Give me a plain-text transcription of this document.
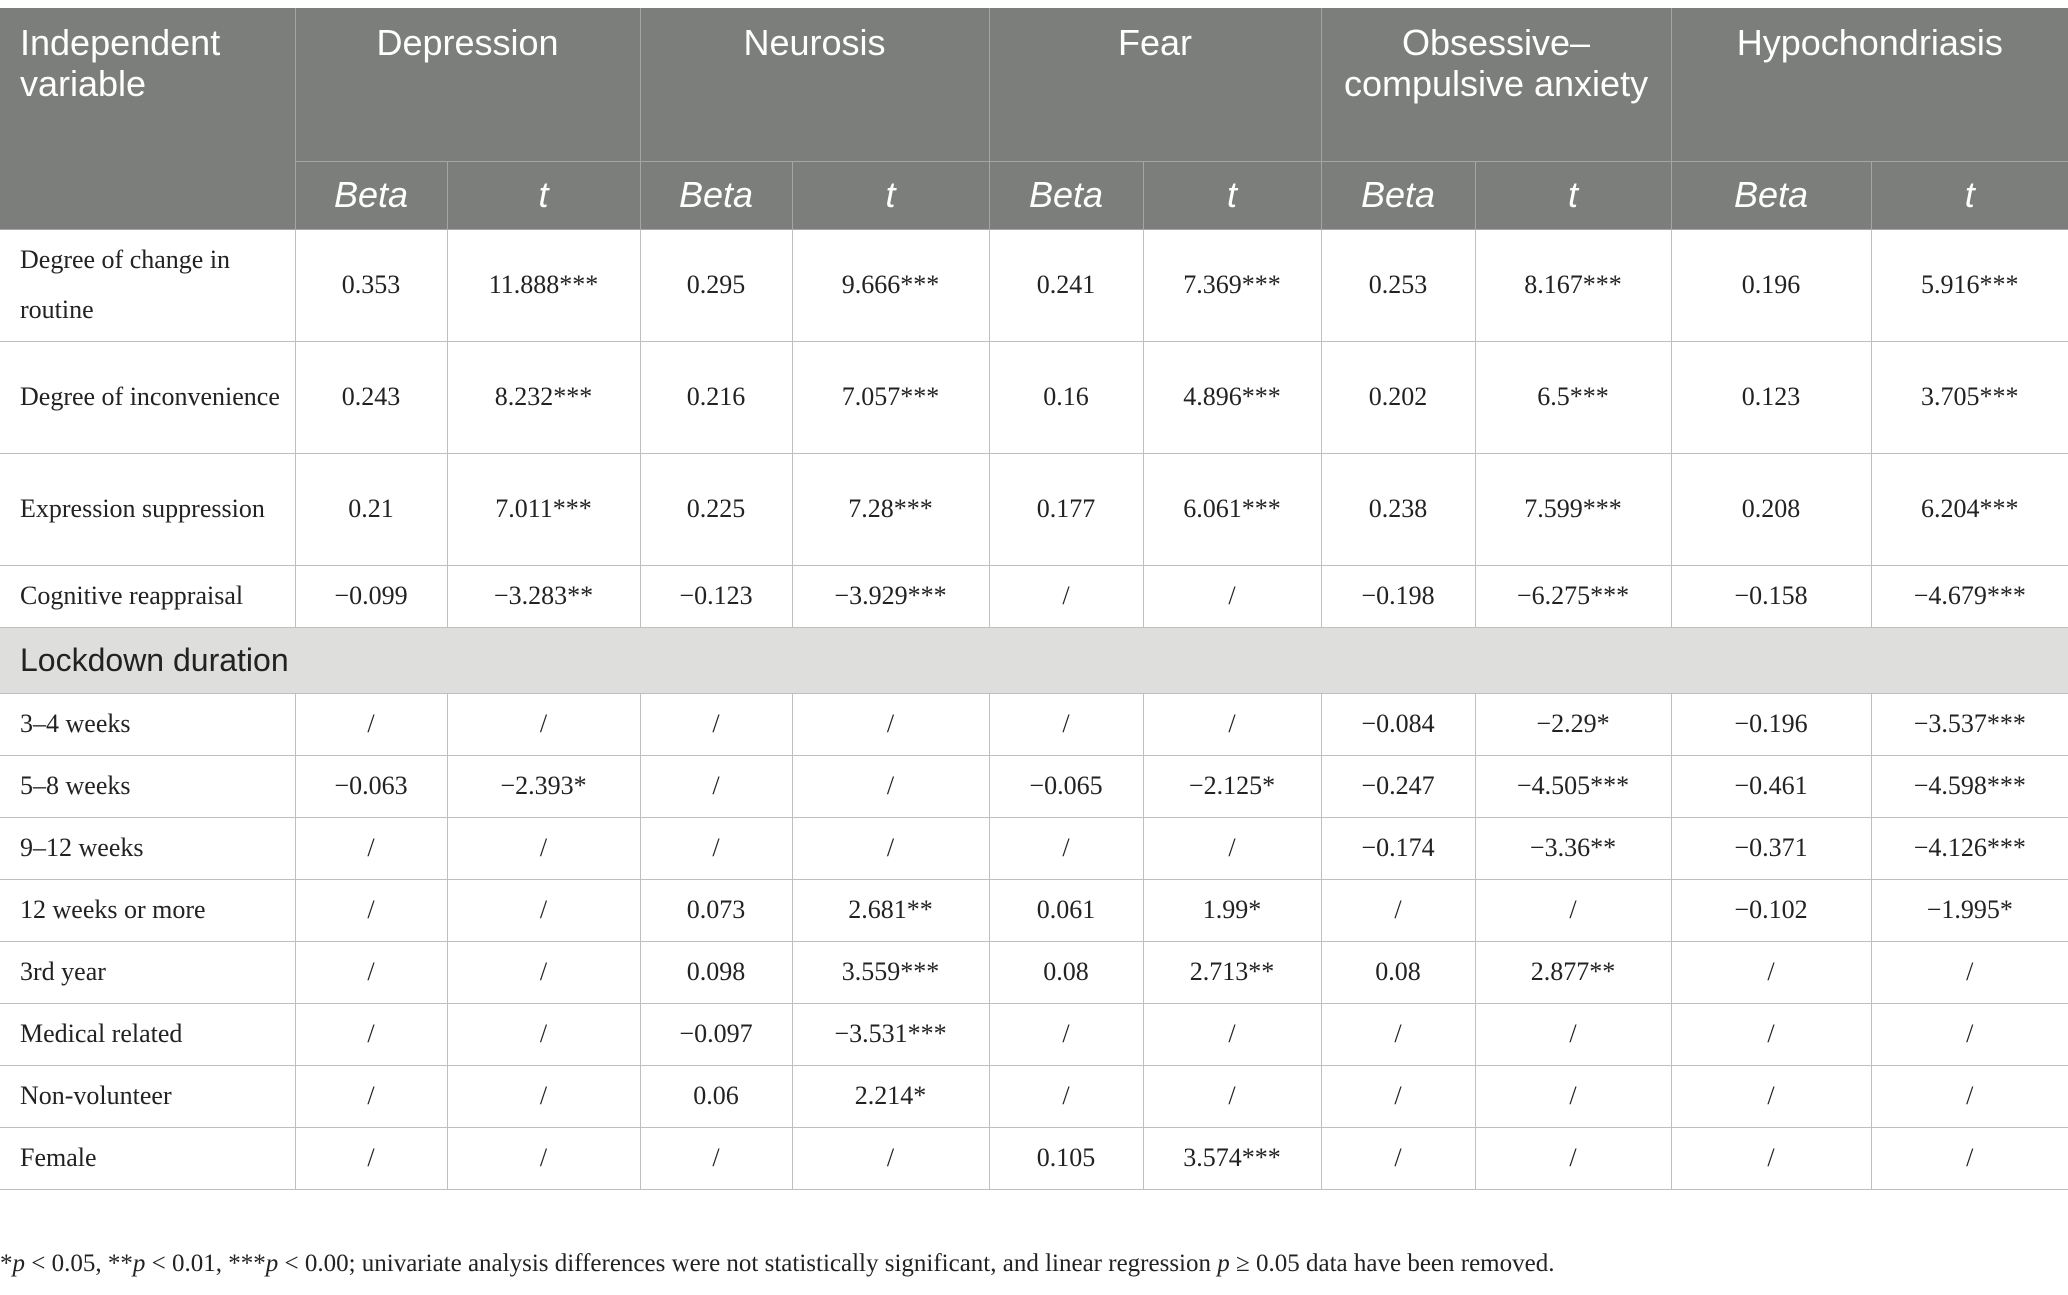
Independent variable	Depression		Neurosis		Fear		Obsessive–compulsive anxiety		Hypochondriasis	
	Beta	t	Beta	t	Beta	t	Beta	t	Beta	t
Degree of change in routine	0.353	11.888***	0.295	9.666***	0.241	7.369***	0.253	8.167***	0.196	5.916***
Degree of inconvenience	0.243	8.232***	0.216	7.057***	0.16	4.896***	0.202	6.5***	0.123	3.705***
Expression suppression	0.21	7.011***	0.225	7.28***	0.177	6.061***	0.238	7.599***	0.208	6.204***
Cognitive reappraisal	−0.099	−3.283**	−0.123	−3.929***	/	/	−0.198	−6.275***	−0.158	−4.679***
Lockdown duration										
3–4 weeks	/	/	/	/	/	/	−0.084	−2.29*	−0.196	−3.537***
5–8 weeks	−0.063	−2.393*	/	/	−0.065	−2.125*	−0.247	−4.505***	−0.461	−4.598***
9–12 weeks	/	/	/	/	/	/	−0.174	−3.36**	−0.371	−4.126***
12 weeks or more	/	/	0.073	2.681**	0.061	1.99*	/	/	−0.102	−1.995*
3rd year	/	/	0.098	3.559***	0.08	2.713**	0.08	2.877**	/	/
Medical related	/	/	−0.097	−3.531***	/	/	/	/	/	/
Non-volunteer	/	/	0.06	2.214*	/	/	/	/	/	/
Female	/	/	/	/	0.105	3.574***	/	/	/	/

*p < 0.05, **p < 0.01, ***p < 0.00; univariate analysis differences were not statistically significant, and linear regression p ≥ 0.05 data have been removed.
